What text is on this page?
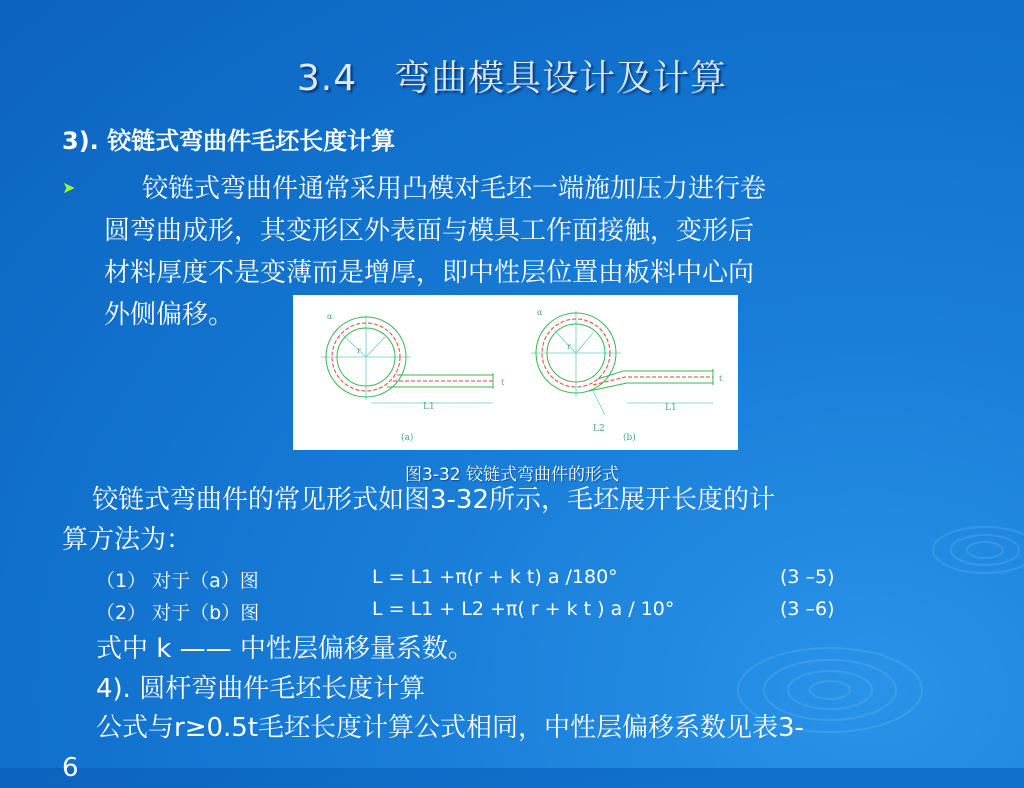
3.4　弯曲模具设计及计算
3). 铰链式弯曲件毛坯长度计算
➤	铰链式弯曲件通常采用凸模对毛坯一端施加压力进行卷
圆弯曲成形，其变形区外表面与模具工作面接触，变形后
材料厚度不是变薄而是增厚，即中性层位置由板料中心向
外侧偏移。	α
r
t
L1
(a)
α
r
t
L1
L2
(b)
图3-32 铰链式弯曲件的形式
铰链式弯曲件的常见形式如图3-32所示，毛坯展开长度的计
算方法为：
（1） 对于（a）图	L = L1 +π(r + k t) a /180°	(3 –5)
（2） 对于（b）图	L = L1 + L2 +π( r + k t ) a / 10°	(3 –6)
式中 k —— 中性层偏移量系数。
4). 圆杆弯曲件毛坯长度计算
公式与r≥0.5t毛坯长度计算公式相同，中性层偏移系数见表3-
6
